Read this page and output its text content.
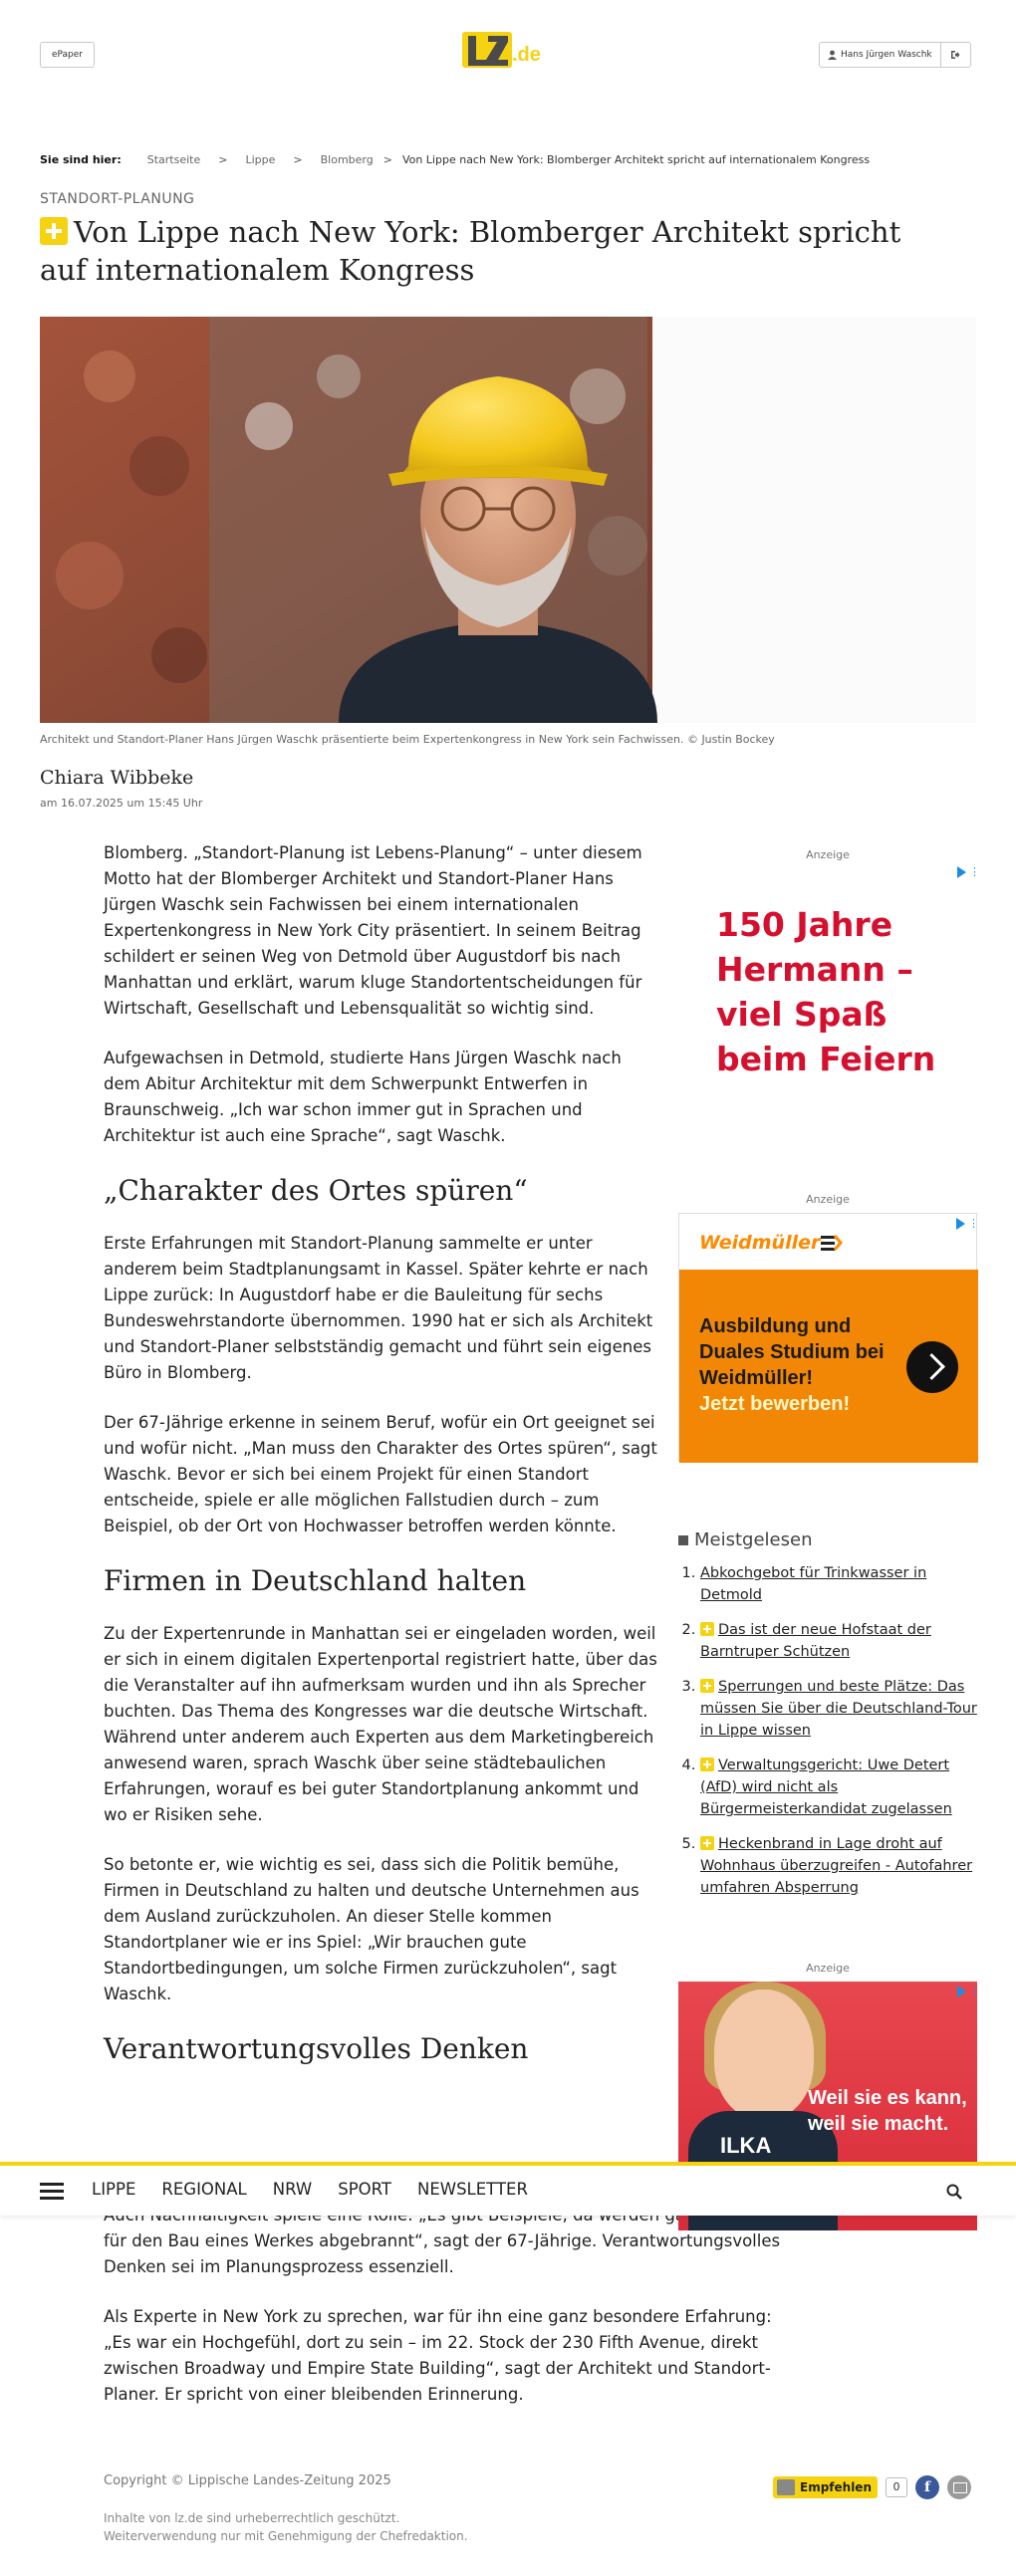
ePaper	.de	Hans Jürgen Waschk
Sie sind hier: Startseite > Lippe > Blomberg > Von Lippe nach New York: Blomberger Architekt spricht auf internationalem Kongress
STANDORT-PLANUNG
Von Lippe nach New York: Blomberger Architekt spricht auf internationalem Kongress
Architekt und Standort-Planer Hans Jürgen Waschk präsentierte beim Expertenkongress in New York sein Fachwissen. © Justin Bockey
Chiara Wibbeke
am 16.07.2025 um 15:45 Uhr

Blomberg. „Standort-Planung ist Lebens-Planung“ – unter diesem Motto hat der Blomberger Architekt und Standort-Planer Hans Jürgen Waschk sein Fachwissen bei einem internationalen Expertenkongress in New York City präsentiert. In seinem Beitrag schildert er seinen Weg von Detmold über Augustdorf bis nach Manhattan und erklärt, warum kluge Standortentscheidungen für Wirtschaft, Gesellschaft und Lebensqualität so wichtig sind.

Aufgewachsen in Detmold, studierte Hans Jürgen Waschk nach dem Abitur Architektur mit dem Schwerpunkt Entwerfen in Braunschweig. „Ich war schon immer gut in Sprachen und Architektur ist auch eine Sprache“, sagt Waschk.

„Charakter des Ortes spüren“

Erste Erfahrungen mit Standort-Planung sammelte er unter anderem beim Stadtplanungsamt in Kassel. Später kehrte er nach Lippe zurück: In Augustdorf habe er die Bauleitung für sechs Bundeswehrstandorte übernommen. 1990 hat er sich als Architekt und Standort-Planer selbstständig gemacht und führt sein eigenes Büro in Blomberg.

Der 67-Jährige erkenne in seinem Beruf, wofür ein Ort geeignet sei und wofür nicht. „Man muss den Charakter des Ortes spüren“, sagt Waschk. Bevor er sich bei einem Projekt für einen Standort entscheide, spiele er alle möglichen Fallstudien durch – zum Beispiel, ob der Ort von Hochwasser betroffen werden könnte.

Firmen in Deutschland halten

Zu der Expertenrunde in Manhattan sei er eingeladen worden, weil er sich in einem digitalen Expertenportal registriert hatte, über das die Veranstalter auf ihn aufmerksam wurden und ihn als Sprecher buchten. Das Thema des Kongresses war die deutsche Wirtschaft. Während unter anderem auch Experten aus dem Marketingbereich anwesend waren, sprach Waschk über seine städtebaulichen Erfahrungen, worauf es bei guter Standortplanung ankommt und wo er Risiken sehe.

So betonte er, wie wichtig es sei, dass sich die Politik bemühe, Firmen in Deutschland zu halten und deutsche Unternehmen aus dem Ausland zurückzuholen. An dieser Stelle kommen Standortplaner wie er ins Spiel: „Wir brauchen gute Standortbedingungen, um solche Firmen zurückzuholen“, sagt Waschk.

Verantwortungsvolles Denken

für den Bau eines Werkes abgebrannt“, sagt der 67-Jährige. Verantwortungsvolles Denken sei im Planungsprozess essenziell.

Als Experte in New York zu sprechen, war für ihn eine ganz besondere Erfahrung: „Es war ein Hochgefühl, dort zu sein – im 22. Stock der 230 Fifth Avenue, direkt zwischen Broadway und Empire State Building“, sagt der Architekt und Standort-Planer. Er spricht von einer bleibenden Erinnerung.

Anzeige
⋮
150 Jahre Hermann – viel Spaß beim Feiern
Anzeige
Weidmüller
⋮
Ausbildung und
Duales Studium bei
Weidmüller!
Jetzt bewerben!
Meistgelesen
1. Abkochgebot für Trinkwasser in Detmold
2. Das ist der neue Hofstaat der Barntruper Schützen
3. Sperrungen und beste Plätze: Das müssen Sie über die Deutschland-Tour in Lippe wissen
4. Verwaltungsgericht: Uwe Detert (AfD) wird nicht als Bürgermeisterkandidat zugelassen
5. Heckenbrand in Lage droht auf Wohnhaus überzugreifen - Autofahrer umfahren Absperrung
Anzeige
ILKA
Weil sie es kann,
weil sie macht.
⋮
LIPPE REGIONAL NRW SPORT NEWSLETTER
Copyright © Lippische Landes-Zeitung 2025
Inhalte von lz.de sind urheberrechtlich geschützt.
Weiterverwendung nur mit Genehmigung der Chefredaktion.
Empfehlen	0	f
